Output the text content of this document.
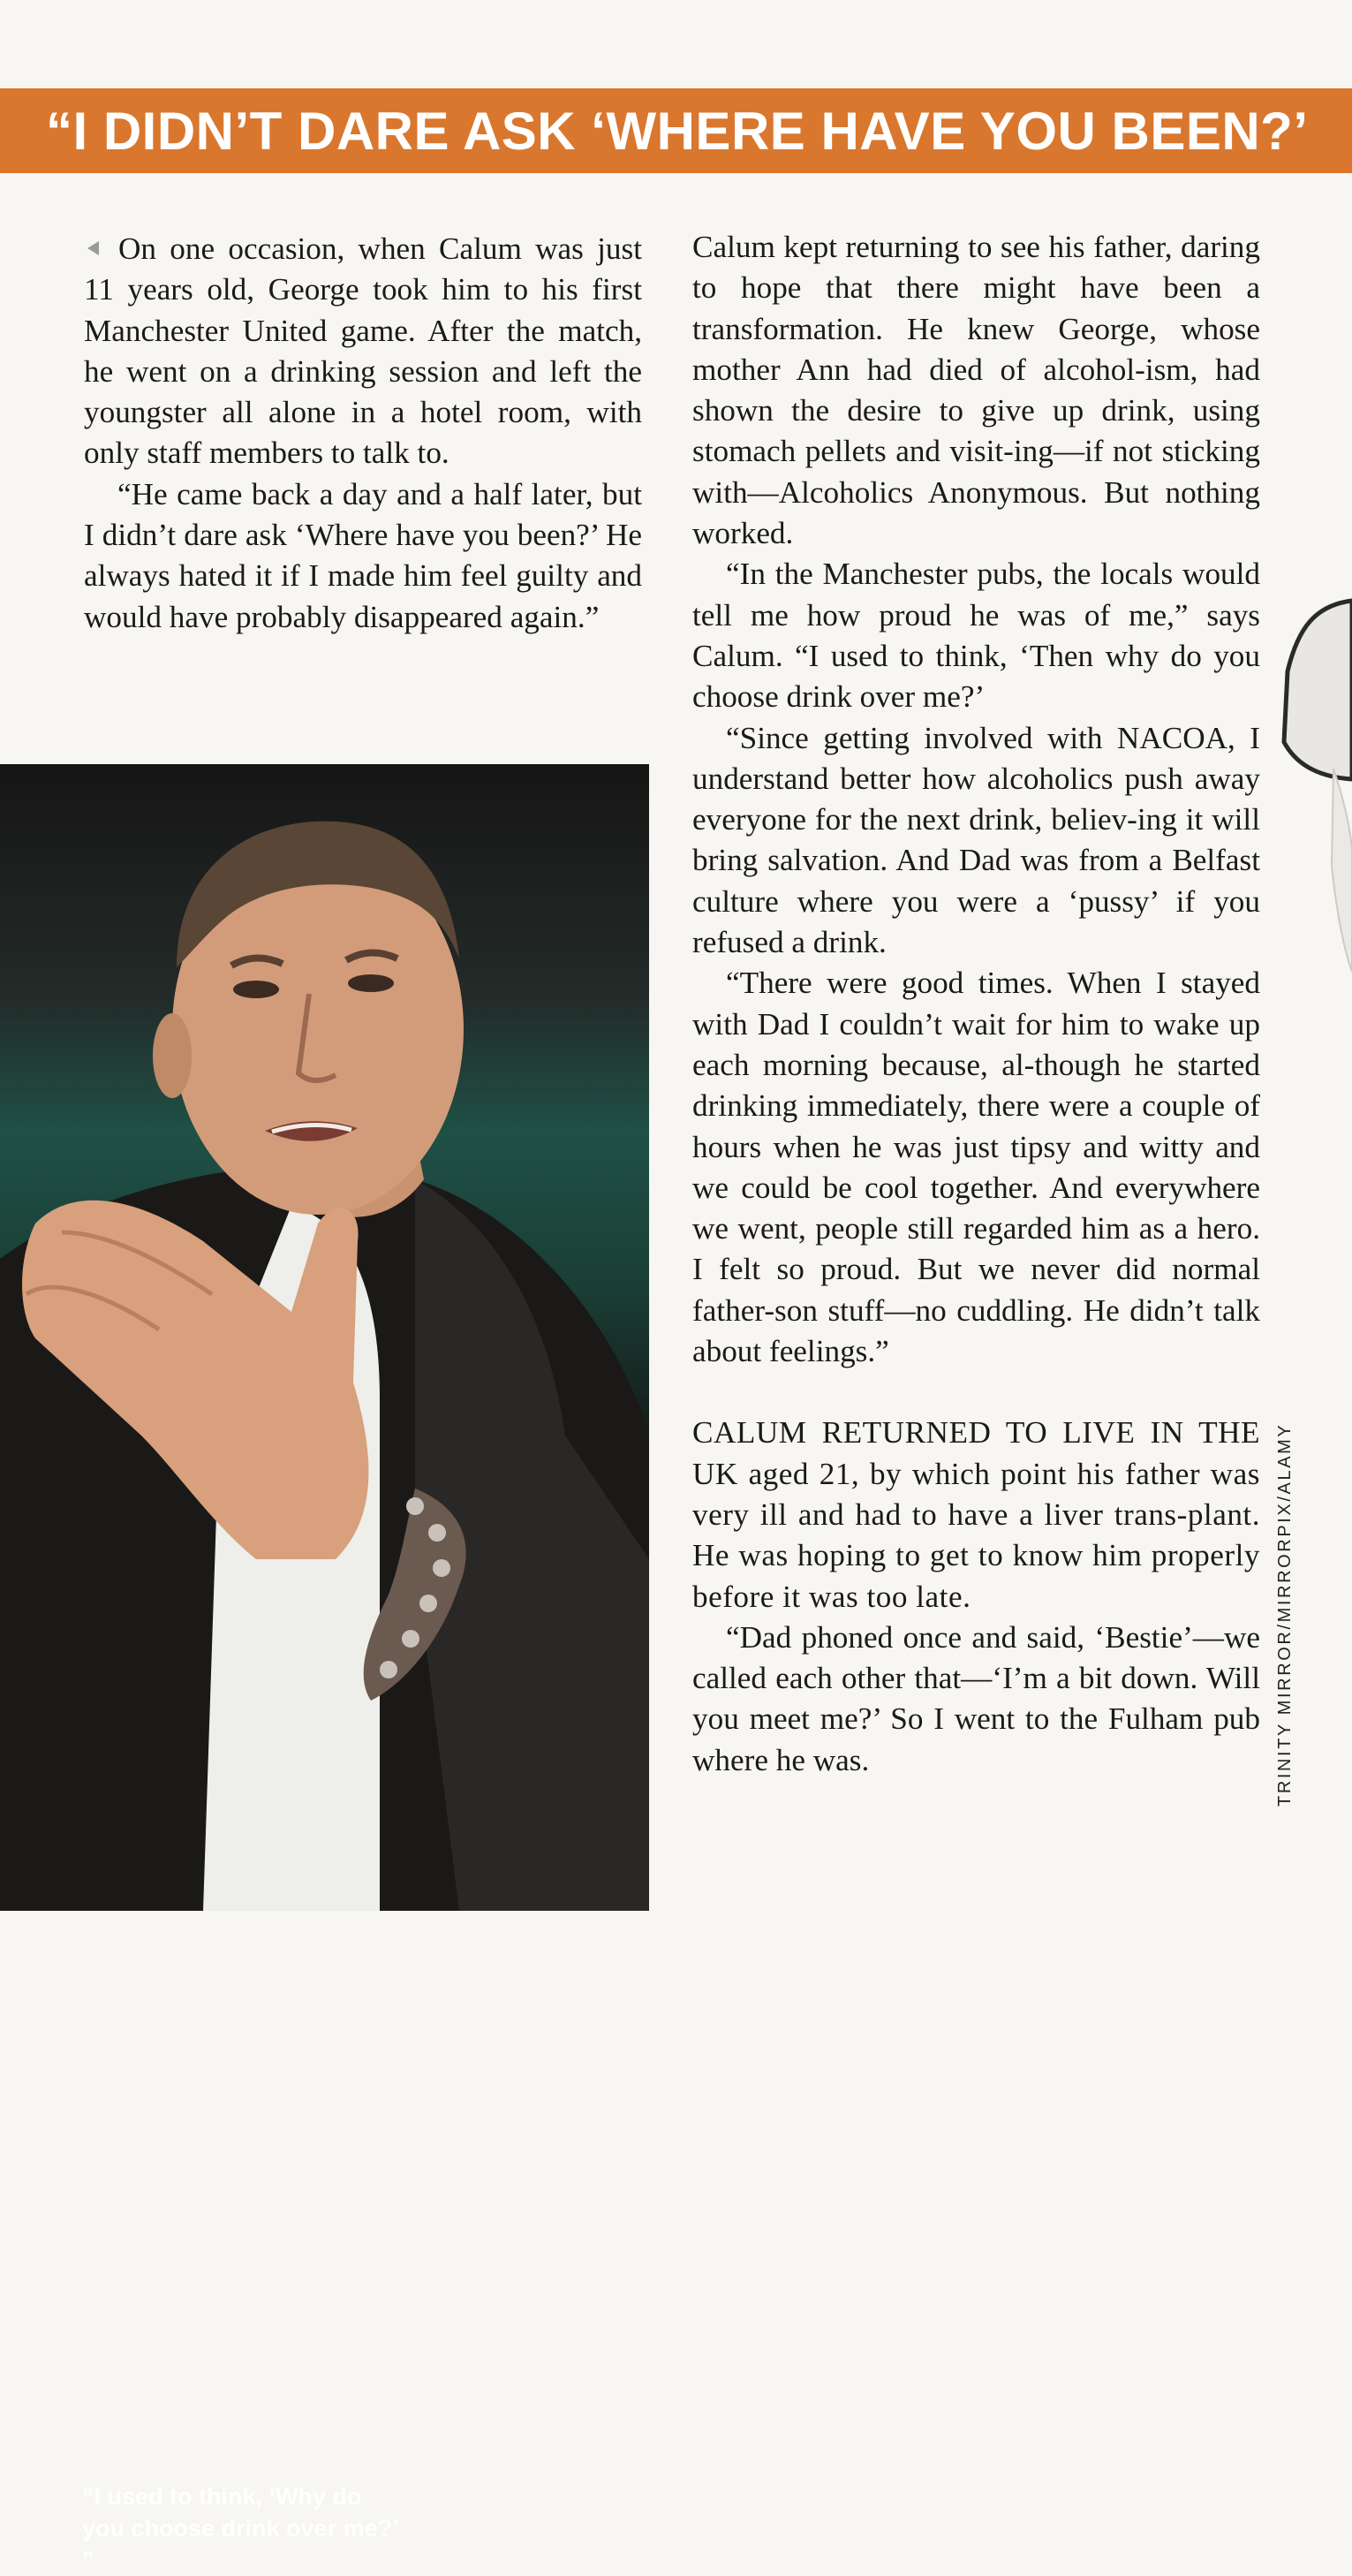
“I DIDN’T DARE ASK ‘WHERE HAVE YOU BEEN?’

On one occasion, when Calum was just 11 years old, George took him to his first Manchester United game. After the match, he went on a drinking session and left the youngster all alone in a hotel room, with only staff members to talk to.

“He came back a day and a half later, but I didn’t dare ask ‘Where have you been?’ He always hated it if I made him feel guilty and would have probably disappeared again.”

Calum kept returning to see his father, daring to hope that there might have been a transformation. He knew George, whose mother Ann had died of alcohol-ism, had shown the desire to give up drink, using stomach pellets and visit-ing—if not sticking with—Alcoholics Anonymous. But nothing worked.

“In the Manchester pubs, the locals would tell me how proud he was of me,” says Calum. “I used to think, ‘Then why do you choose drink over me?’

“Since getting involved with NACOA, I understand better how alcoholics push away everyone for the next drink, believ-ing it will bring salvation. And Dad was from a Belfast culture where you were a ‘pussy’ if you refused a drink.

“There were good times. When I stayed with Dad I couldn’t wait for him to wake up each morning because, al-though he started drinking immediately, there were a couple of hours when he was just tipsy and witty and we could be cool together. And everywhere we went, people still regarded him as a hero. I felt so proud. But we never did normal father-son stuff—no cuddling. He didn’t talk about feelings.”

CALUM RETURNED TO LIVE IN THE UK aged 21, by which point his father was very ill and had to have a liver trans-plant. He was hoping to get to know him properly before it was too late.

“Dad phoned once and said, ‘Bestie’—we called each other that—‘I’m a bit down. Will you meet me?’ So I went to the Fulham pub where he was.	TRINITY MIRROR/MIRRORPIX/ALAMY
“I used to think, ‘Why do you choose drink over me?’ ”
